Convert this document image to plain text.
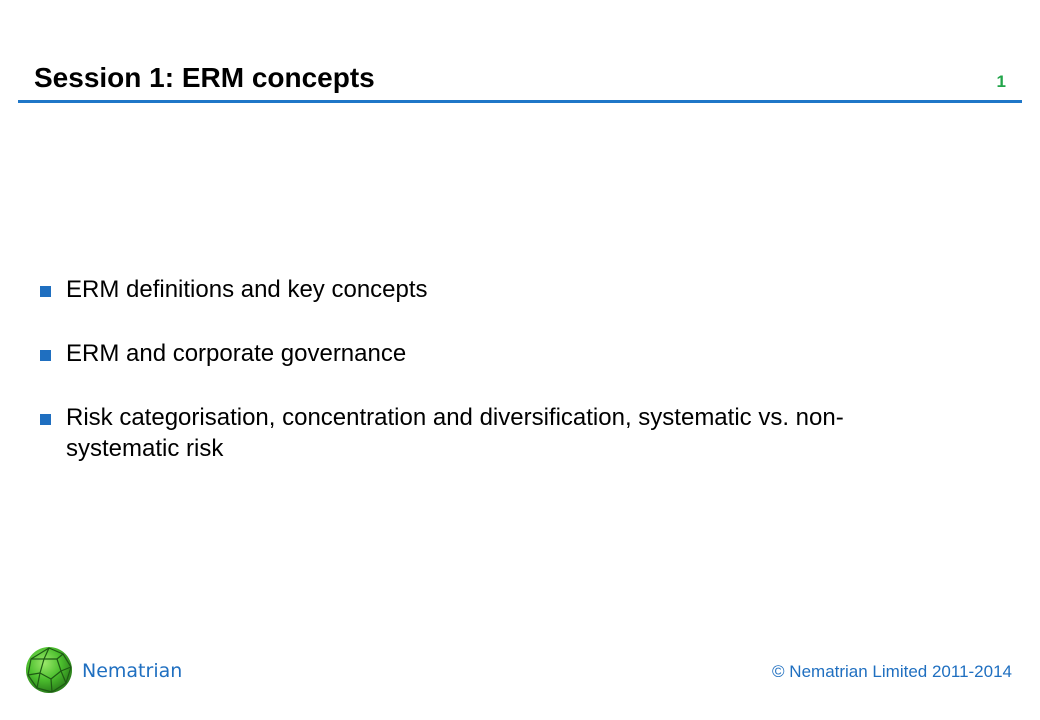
Session 1: ERM concepts	1
ERM definitions and key concepts
ERM and corporate governance
Risk categorisation, concentration and diversification, systematic vs. non-systematic risk
Nematrian	© Nematrian Limited 2011-2014
